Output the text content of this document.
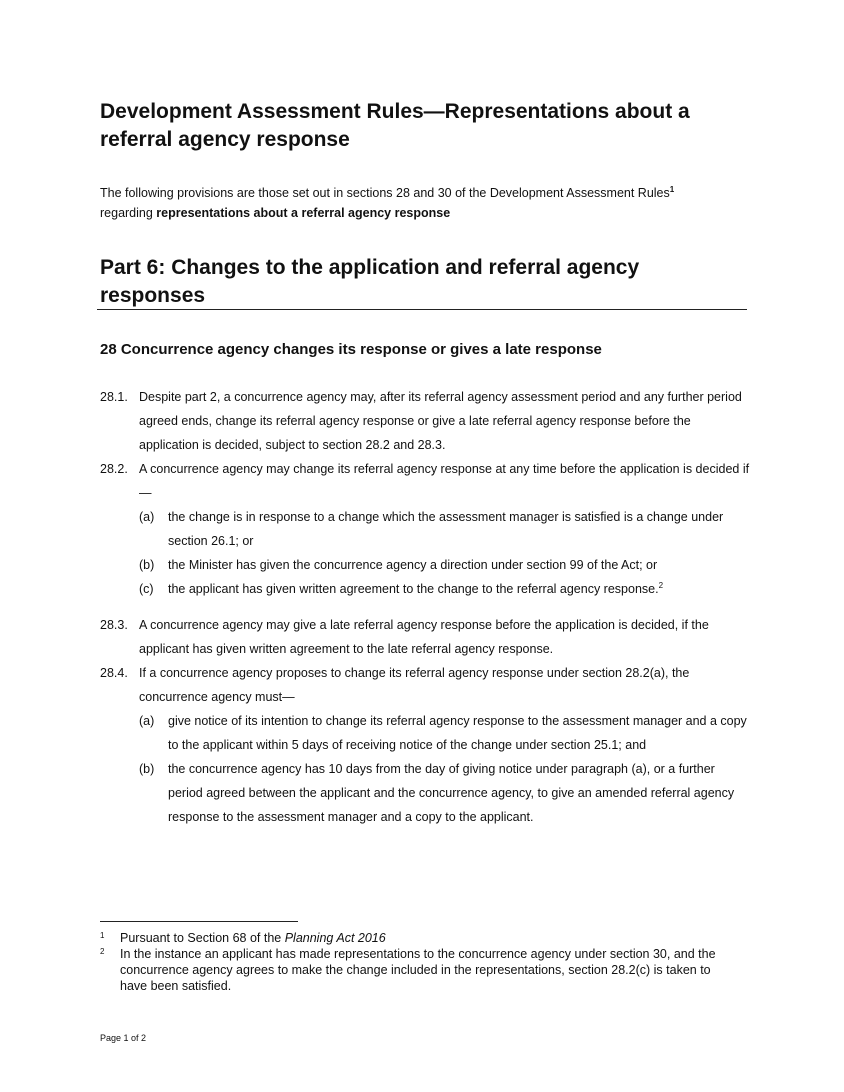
Development Assessment Rules—Representations about a referral agency response

The following provisions are those set out in sections 28 and 30 of the Development Assessment Rules$^1$
regarding representations about a referral agency response

Part 6: Changes to the application and referral agency responses
28 Concurrence agency changes its response or gives a late response
28.1. Despite part 2, a concurrence agency may, after its referral agency assessment period and any further period agreed ends, change its referral agency response or give a late referral agency response before the application is decided, subject to section 28.2 and 28.3.
28.2. A concurrence agency may change its referral agency response at any time before the application is decided if—
(a)	the change is in response to a change which the assessment manager is satisfied is a change under section 26.1; or
(b)	the Minister has given the concurrence agency a direction under section 99 of the Act; or
(c)	the applicant has given written agreement to the change to the referral agency response.$^2$
28.3. A concurrence agency may give a late referral agency response before the application is decided, if the applicant has given written agreement to the late referral agency response.
28.4. If a concurrence agency proposes to change its referral agency response under section 28.2(a), the concurrence agency must—
(a)	give notice of its intention to change its referral agency response to the assessment manager and a copy to the applicant within 5 days of receiving notice of the change under section 25.1; and
(b)	the concurrence agency has 10 days from the day of giving notice under paragraph (a), or a further period agreed between the applicant and the concurrence agency, to give an amended referral agency response to the assessment manager and a copy to the applicant.
1	Pursuant to Section 68 of the Planning Act 2016
2	In the instance an applicant has made representations to the concurrence agency under section 30, and the concurrence agency agrees to make the change included in the representations, section 28.2(c) is taken to have been satisfied.
Page 1 of 2
